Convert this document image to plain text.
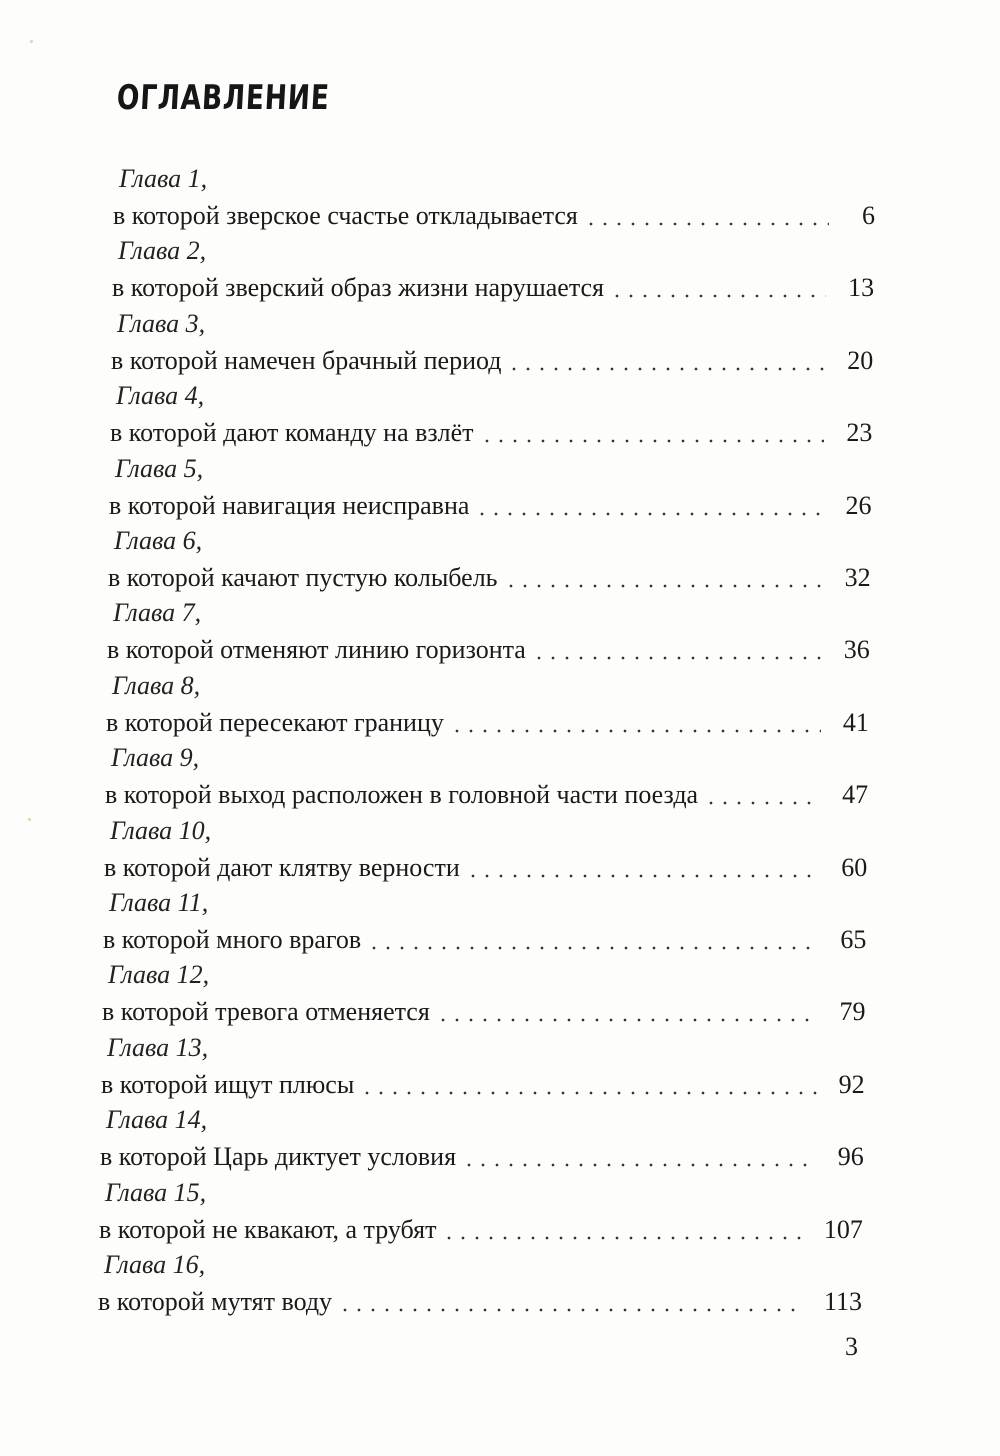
ОГЛАВЛЕНИЕ
Глава 1,
в которой зверское счастье откладывается	6
Глава 2,
в которой зверский образ жизни нарушается	13
Глава 3,
в которой намечен брачный период	20
Глава 4,
в которой дают команду на взлёт	23
Глава 5,
в которой навигация неисправна	26
Глава 6,
в которой качают пустую колыбель	32
Глава 7,
в которой отменяют линию горизонта	36
Глава 8,
в которой пересекают границу	41
Глава 9,
в которой выход расположен в головной части поезда	47
Глава 10,
в которой дают клятву верности	60
Глава 11,
в которой много врагов	65
Глава 12,
в которой тревога отменяется	79
Глава 13,
в которой ищут плюсы	92
Глава 14,
в которой Царь диктует условия	96
Глава 15,
в которой не квакают, а трубят	107
Глава 16,
в которой мутят воду	113
3
